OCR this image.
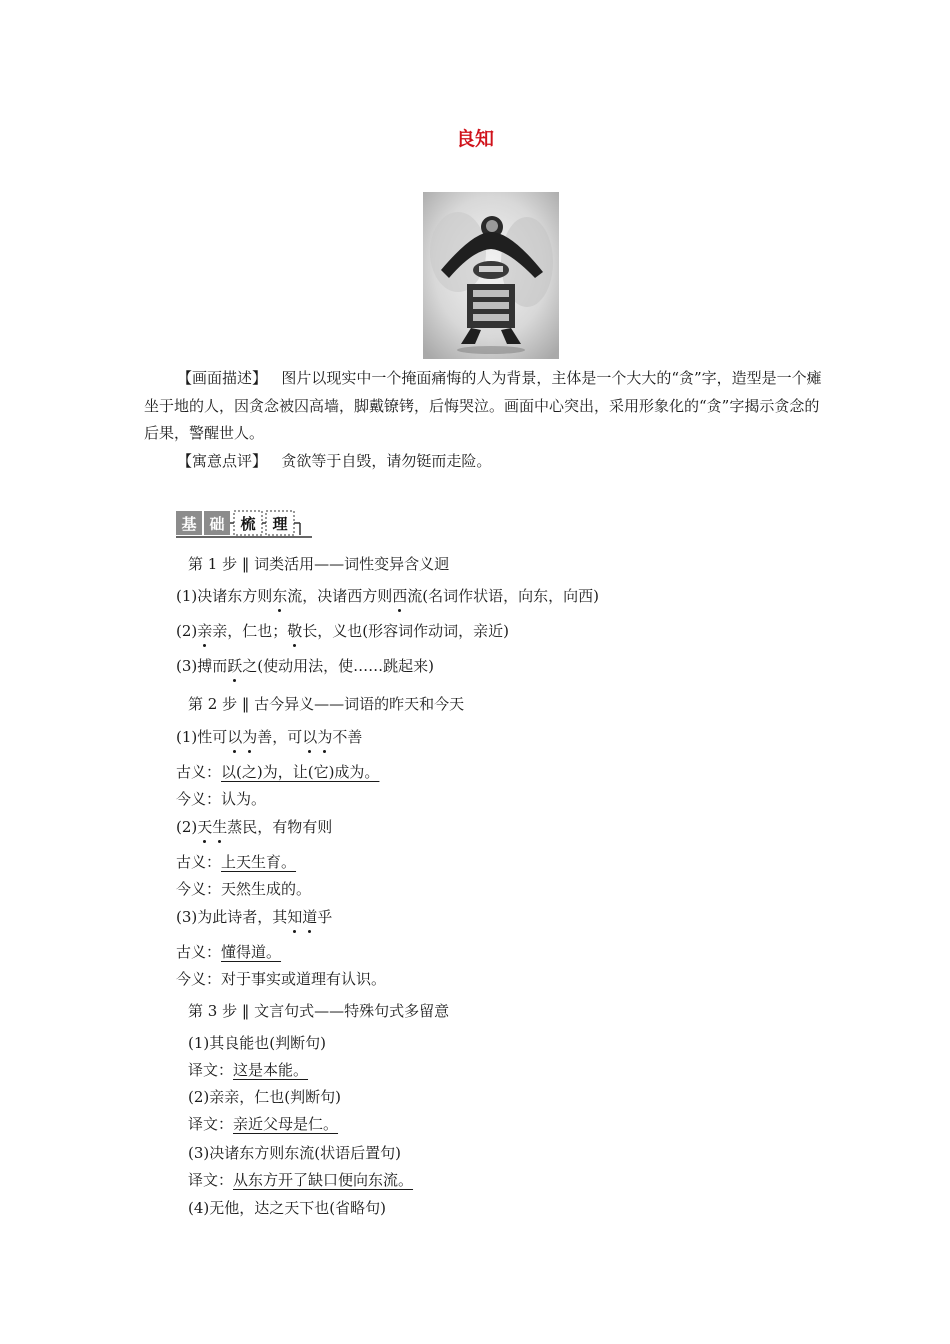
良知
【画面描述】 图片以现实中一个掩面痛悔的人为背景，主体是一个大大的“贪”字，造型是一个瘫坐于地的人，因贪念被囚高墙，脚戴镣铐，后悔哭泣。画面中心突出，采用形象化的“贪”字揭示贪念的后果，警醒世人。
【寓意点评】 贪欲等于自毁，请勿铤而走险。
基 础 梳 理
第 1 步 ‖ 词类活用——词性变异含义迥
(1)决诸东方则东流，决诸西方则西流(名词作状语，向东，向西)
(2)亲亲，仁也；敬长，义也(形容词作动词，亲近)
(3)搏而跃之(使动用法，使……跳起来)
第 2 步 ‖ 古今异义——词语的昨天和今天
(1)性可以为善，可以为不善
古义：以(之)为，让(它)成为。
今义：认为。
(2)天生蒸民，有物有则
古义：上天生育。
今义：天然生成的。
(3)为此诗者，其知道乎
古义：懂得道。
今义：对于事实或道理有认识。
第 3 步 ‖ 文言句式——特殊句式多留意
(1)其良能也(判断句)
译文：这是本能。
(2)亲亲，仁也(判断句)
译文：亲近父母是仁。
(3)决诸东方则东流(状语后置句)
译文：从东方开了缺口便向东流。
(4)无他，达之天下也(省略句)
